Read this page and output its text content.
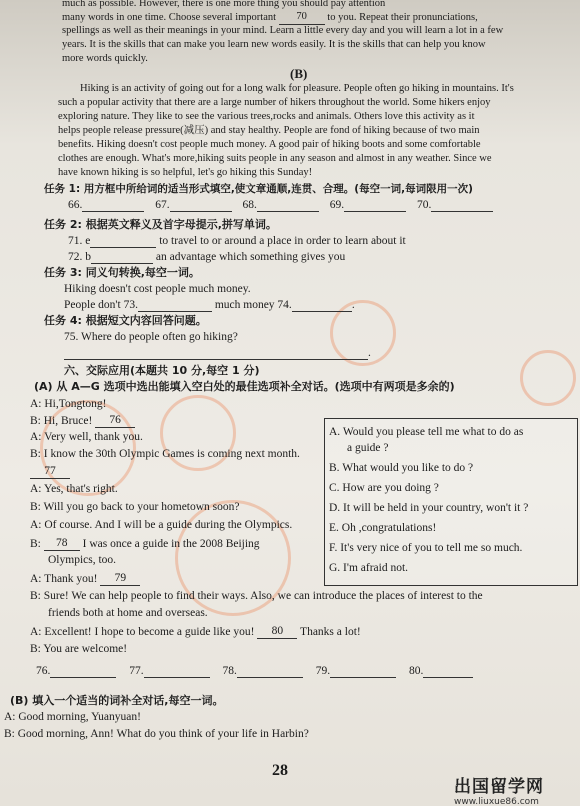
much as possible. However, there is one more thing you should pay attention
many words in one time. Choose several important 70 to you. Repeat their pronunciations,
spellings as well as their meanings in your mind. Learn a little every day and you will learn a lot in a few
years. It is the skills that can make you learn new words easily. It is the skills that can help you know
more words quickly.
(B)
Hiking is an activity of going out for a long walk for pleasure. People often go hiking in mountains. It's
such a popular activity that there are a large number of hikers throughout the world. Some hikers enjoy
exploring nature. They like to see the various trees,rocks and animals. Others love this activity as it
helps people release pressure(减压) and stay healthy. People are fond of hiking because of two main
benefits. Hiking doesn't cost people much money. A good pair of hiking boots and some comfortable
clothes are enough. What's more,hiking suits people in any season and almost in any weather. Since we
have known hiking is so helpful, let's go hiking this Sunday!
任务 1: 用方框中所给词的适当形式填空,使文章通顺,连贯、合理。(每空一词,每词限用一次)
66.	67.	68.	69.	70.
任务 2: 根据英文释义及首字母提示,拼写单词。
71. e	to travel to or around a place in order to learn about it
72. b	an advantage which something gives you
任务 3: 同义句转换,每空一词。
Hiking doesn't cost people much money.
People don't 73.	much money 74.	.
任务 4: 根据短文内容回答问题。
75. Where do people often go hiking?
.
六、交际应用(本题共 10 分,每空 1 分)
(A) 从 A—G 选项中选出能填入空白处的最佳选项补全对话。(选项中有两项是多余的)
A: Hi,Tongtong!
B: Hi, Bruce! 76
A: Very well, thank you.
B: I know the 30th Olympic Games is coming next month.
77
A: Yes, that's right.
B: Will you go back to your hometown soon?
A: Of course. And I will be a guide during the Olympics.
B: 78 I was once a guide in the 2008 Beijing
Olympics, too.
A: Thank you! 79
B: Sure! We can help people to find their ways. Also, we can introduce the places of interest to the
friends both at home and overseas.
A: Excellent! I hope to become a guide like you! 80 Thanks a lot!
B: You are welcome!
A. Would you please tell me what to do as
a guide ?
B. What would you like to do ?
C. How are you doing ?
D. It will be held in your country, won't it ?
E. Oh ,congratulations!
F. It's very nice of you to tell me so much.
G. I'm afraid not.
76.	77.	78.	79.	80.
(B) 填入一个适当的词补全对话,每空一词。
A: Good morning, Yuanyuan!
B: Good morning, Ann! What do you think of your life in Harbin?
28
出国留学网
www.liuxue86.com
